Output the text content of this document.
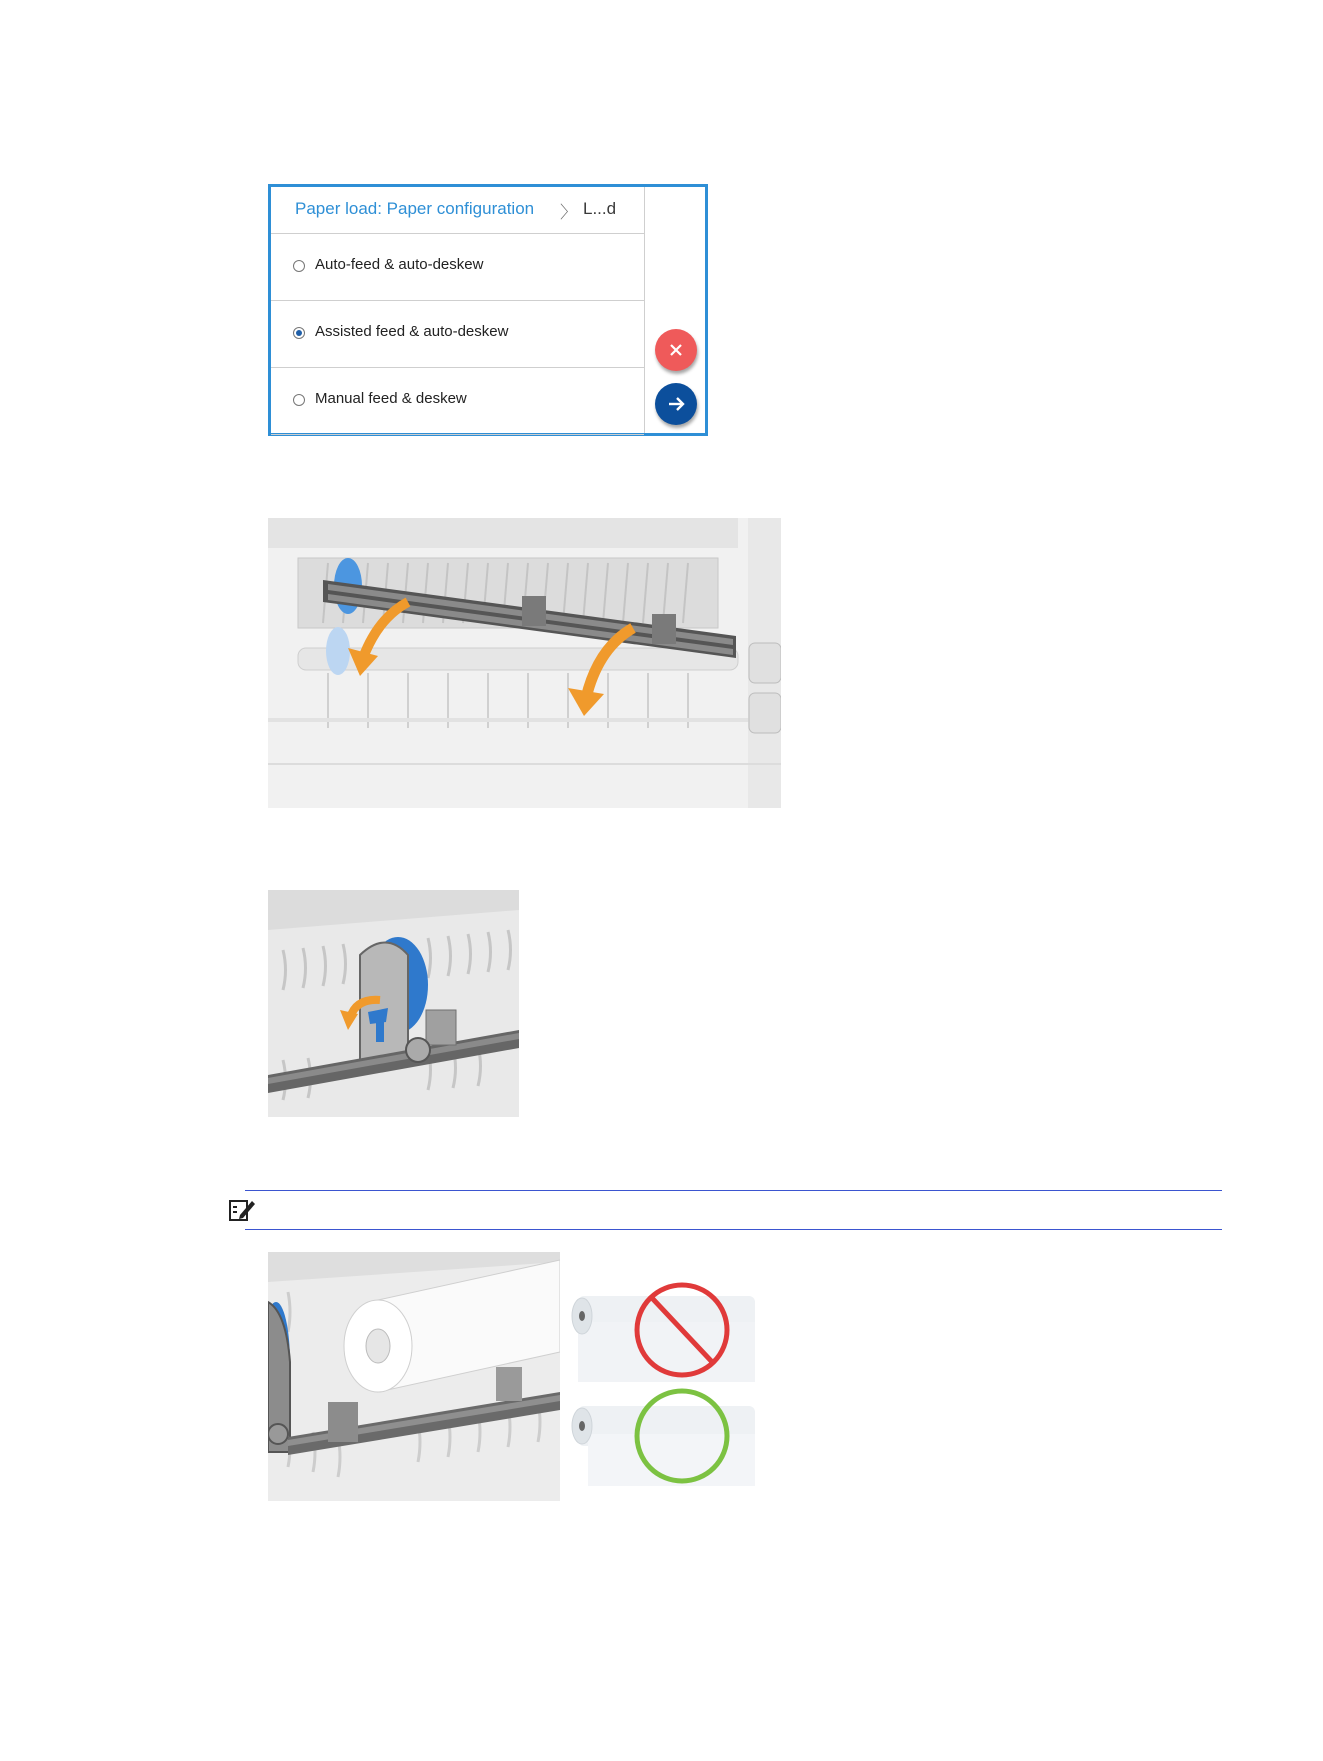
Paper load: Paper configuration 〉 L...d
Auto-feed & auto-deskew
Assisted feed & auto-deskew
Manual feed & deskew
